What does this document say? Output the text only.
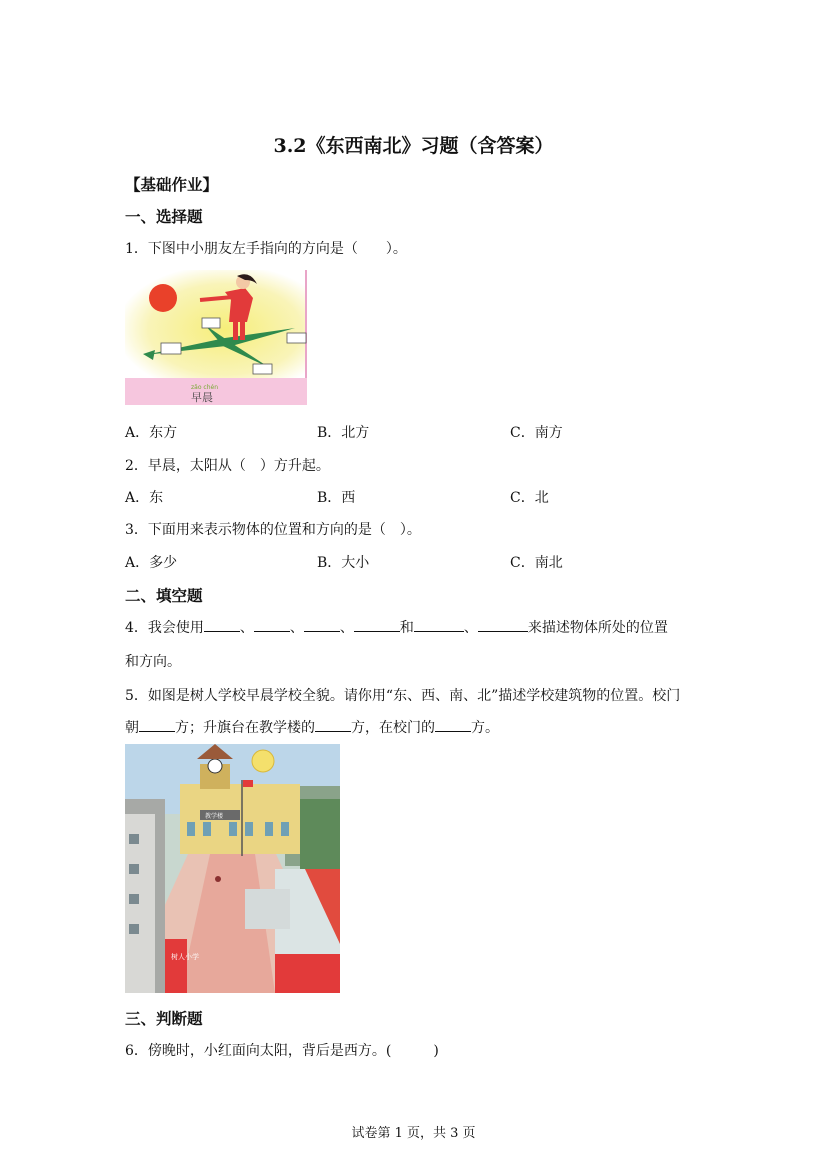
3.2《东西南北》习题（含答案）
【基础作业】
一、选择题
1．下图中小朋友左手指向的方向是（　　）。
zǎo chén
早晨
A．东方	B．北方	C．南方
2．早晨，太阳从（　）方升起。
A．东	B．西	C．北
3．下面用来表示物体的位置和方向的是（　）。
A．多少	B．大小	C．南北
二、填空题
4．我会使用	、	、	、	和	、	来描述物体所处的位置
和方向。
5．如图是树人学校早晨学校全貌。请你用“东、西、南、北”描述学校建筑物的位置。校门
朝	方；升旗台在教学楼的	方，在校门的	方。
教学楼
树人小学
三、判断题
6．傍晚时，小红面向太阳，背后是西方。(　　　)
试卷第 1 页，共 3 页
